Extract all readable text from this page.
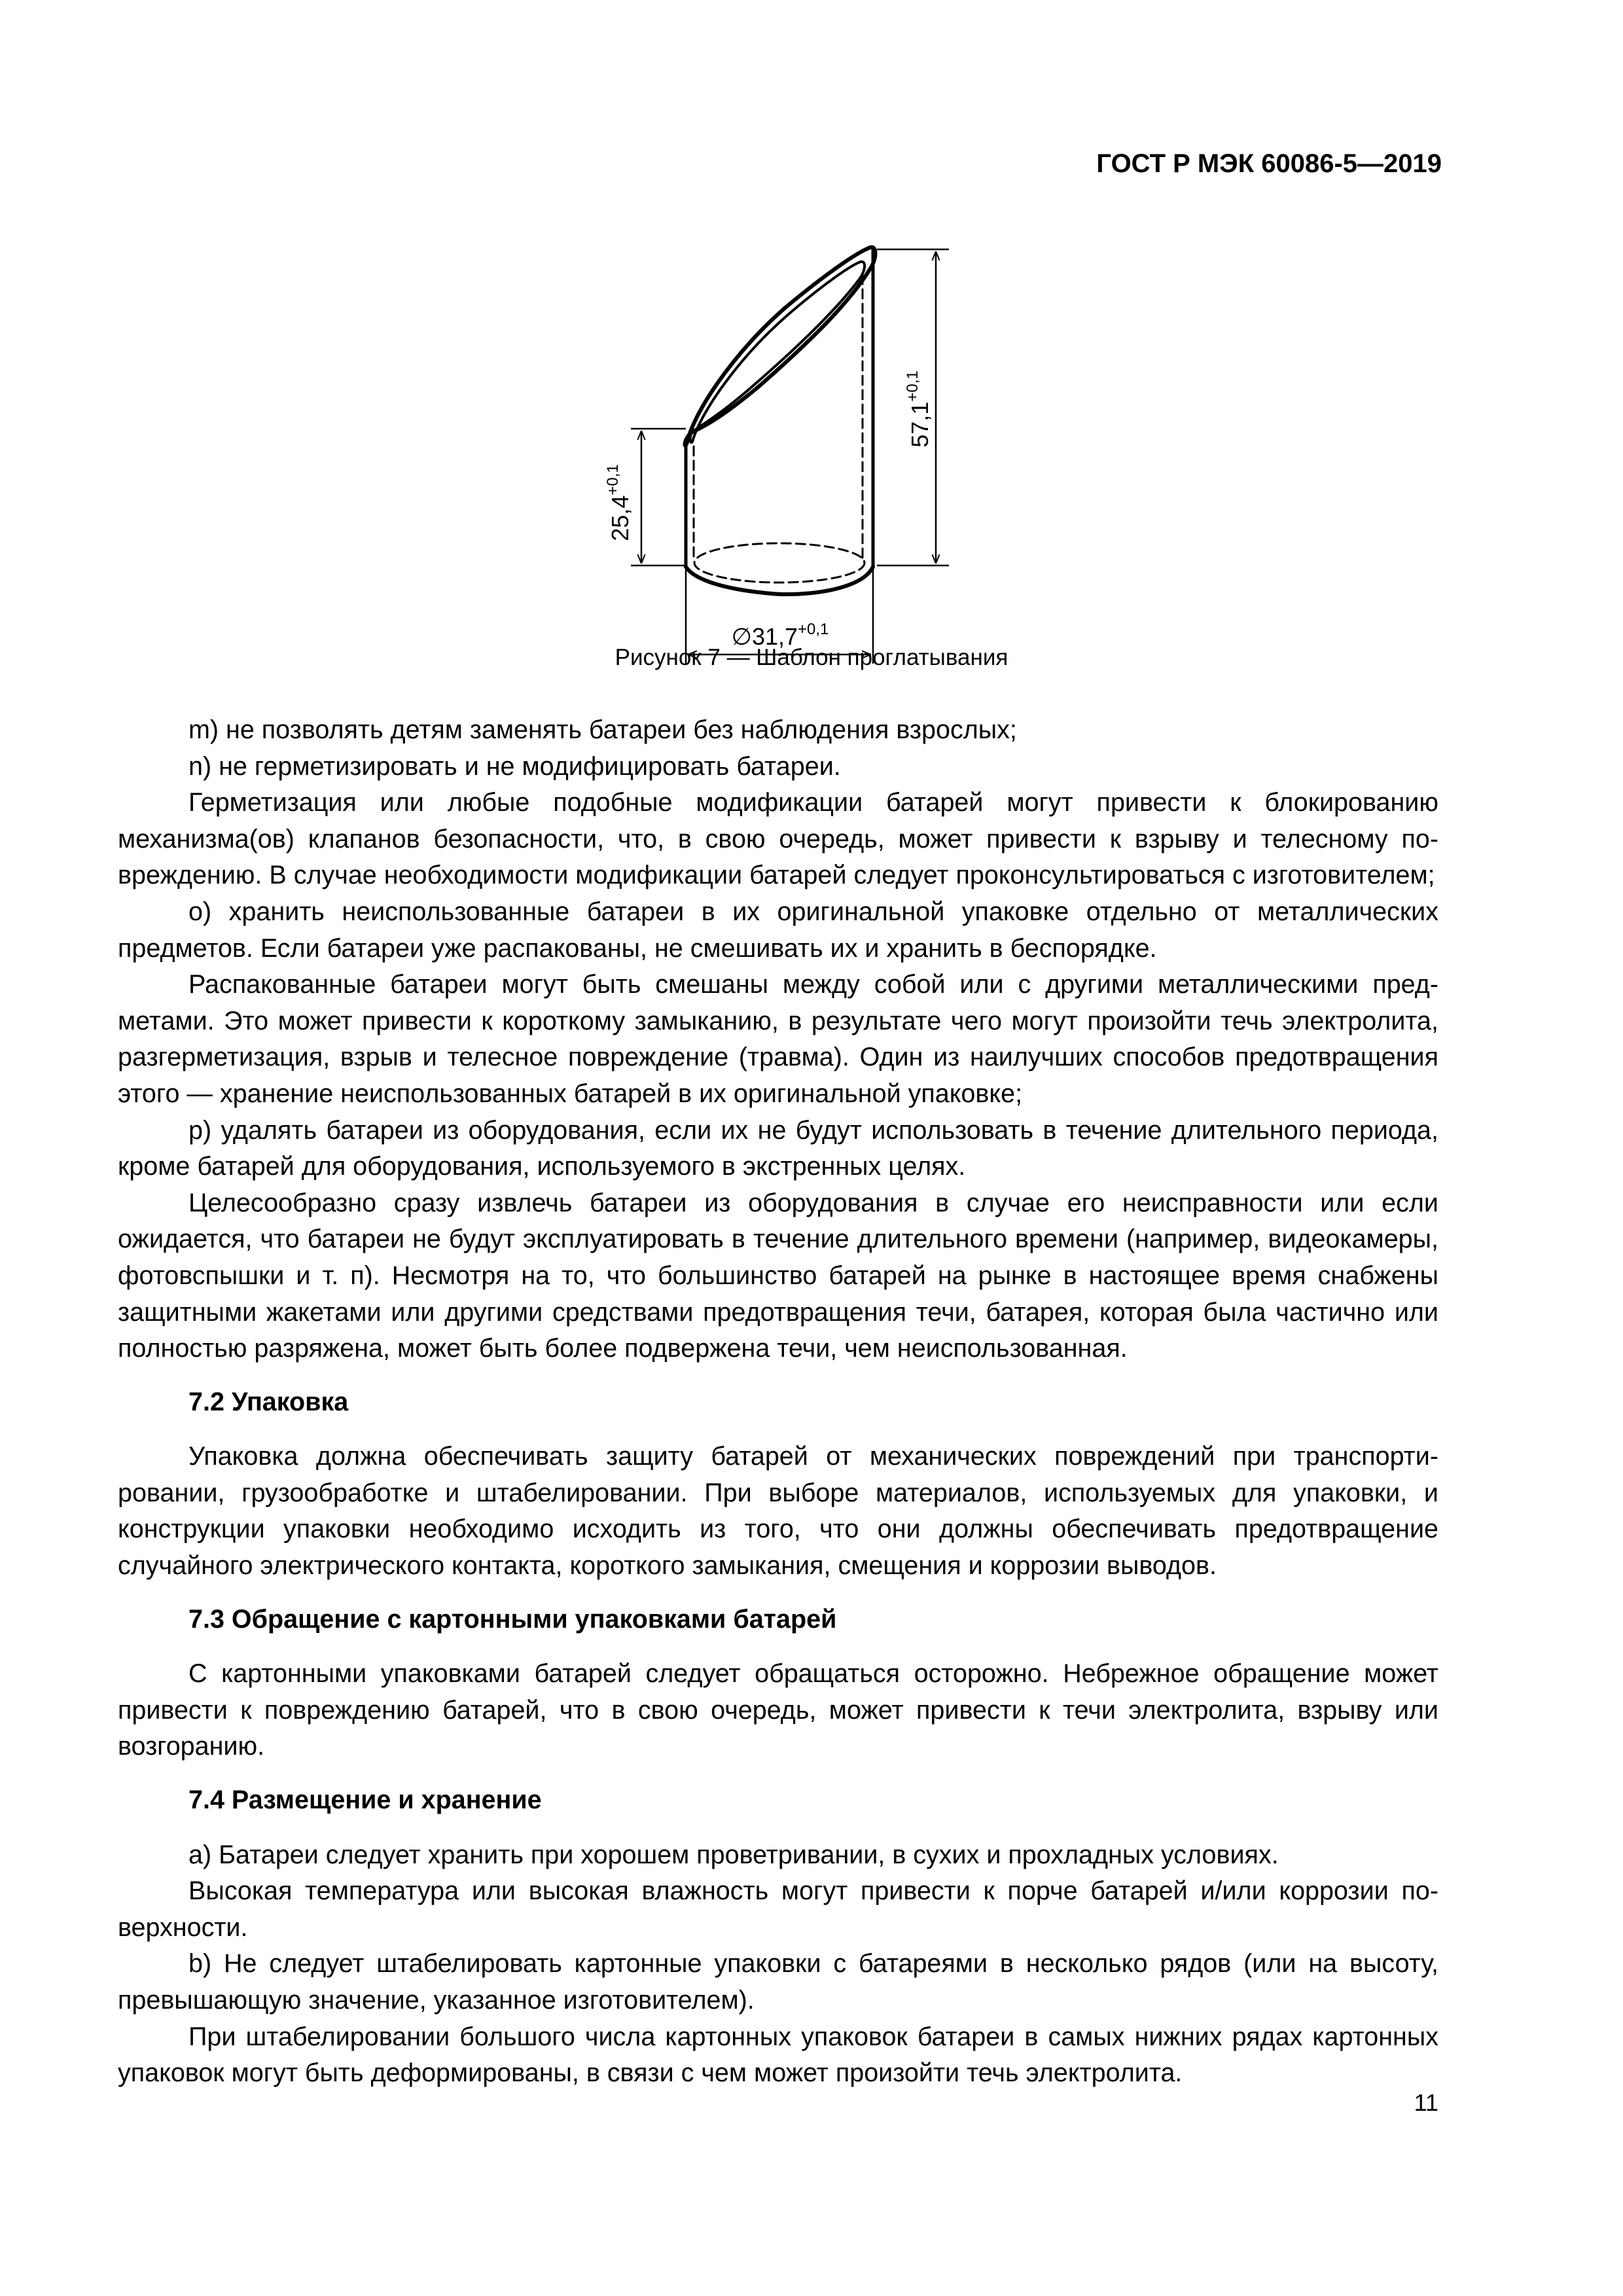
ГОСТ Р МЭК 60086-5—2019
$25,4^{+0,1}$
$57,1^{+0,1}$
$\emptyset 31,7^{+0,1}$
Рисунок 7 — Шаблон проглатывания

m) не позволять детям заменять батареи без наблюдения взрослых;

n) не герметизировать и не модифицировать батареи.

Герметизация или любые подобные модификации батарей могут привести к блокированию механизма(ов) клапанов безопасности, что, в свою очередь, может привести к взрыву и телесному повреждению. В случае необходимости модификации батарей следует проконсультироваться с изготовителем;

o) хранить неиспользованные батареи в их оригинальной упаковке отдельно от металлических предметов. Если батареи уже распакованы, не смешивать их и хранить в беспорядке.

Распакованные батареи могут быть смешаны между собой или с другими металлическими предметами. Это может привести к короткому замыканию, в результате чего могут произойти течь электролита, разгерметизация, взрыв и телесное повреждение (травма). Один из наилучших способов предотвращения этого — хранение неиспользованных батарей в их оригинальной упаковке;

p) удалять батареи из оборудования, если их не будут использовать в течение длительного периода, кроме батарей для оборудования, используемого в экстренных целях.

Целесообразно сразу извлечь батареи из оборудования в случае его неисправности или если ожидается, что батареи не будут эксплуатировать в течение длительного времени (например, видеокамеры, фотовспышки и т. п). Несмотря на то, что большинство батарей на рынке в настоящее время снабжены защитными жакетами или другими средствами предотвращения течи, батарея, которая была частично или полностью разряжена, может быть более подвержена течи, чем неиспользованная.

7.2 Упаковка

Упаковка должна обеспечивать защиту батарей от механических повреждений при транспортировании, грузообработке и штабелировании. При выборе материалов, используемых для упаковки, и конструкции упаковки необходимо исходить из того, что они должны обеспечивать предотвращение случайного электрического контакта, короткого замыкания, смещения и коррозии выводов.

7.3 Обращение с картонными упаковками батарей

С картонными упаковками батарей следует обращаться осторожно. Небрежное обращение может привести к повреждению батарей, что в свою очередь, может привести к течи электролита, взрыву или возгоранию.

7.4 Размещение и хранение

a) Батареи следует хранить при хорошем проветривании, в сухих и прохладных условиях.

Высокая температура или высокая влажность могут привести к порче батарей и/или коррозии поверхности.

b) Не следует штабелировать картонные упаковки с батареями в несколько рядов (или на высоту, превышающую значение, указанное изготовителем).

При штабелировании большого числа картонных упаковок батареи в самых нижних рядах картонных упаковок могут быть деформированы, в связи с чем может произойти течь электролита.

11
